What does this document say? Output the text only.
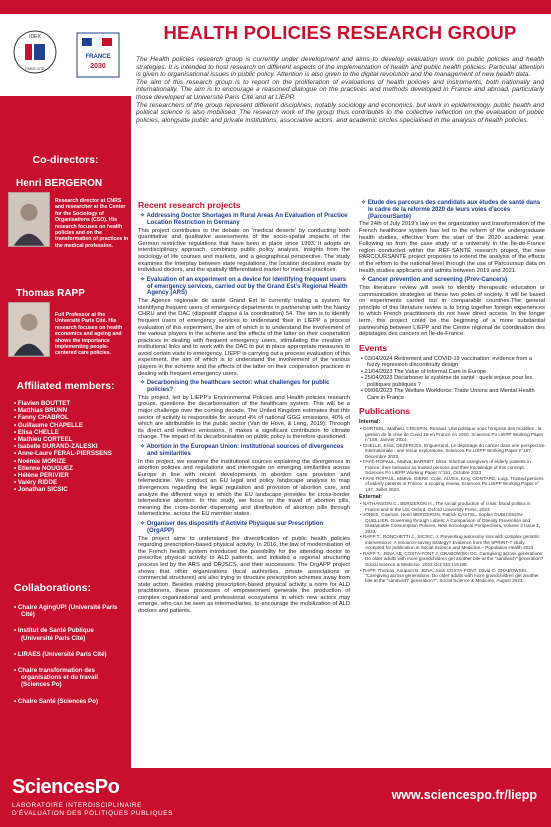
IDEX
PARIS CITÉ
FRANCE
2030
HEALTH POLICIES RESEARCH GROUP

The Health policies research group is currently under development and aims to develop evaluation work on public policies and health strategies. It is intended to host research on different aspects of the implementation of health and public health policies. Particular attention is given to organisational issues in public policy. Attention is also given to the digital revolution and the management of new health data.

The aim of this research group is to report on the proliferation of evaluations of health policies and instruments, both nationally and internationally. The aim is to encourage a reasoned dialogue on the practices and methods developed in France and abroad, particularly those developed at Université Paris Cité and at LIEPP.

The researchers of the group represent different disciplines, notably sociology and economics, but work in epidemiology, public health and political science is also mobilised. The research work of the group thus contributes to the collective reflection on the evaluation of public policies, alongside public and private institutions, associative actors, and academic circles specialised in the analysis of health policies.

Co-directors:
Henri BERGERON
Research director at CNRS and researcher at the Center for the Sociology of Organisations (CSO). His research focuses on health policies and on the transformation of practices in the medical profession.
Thomas RAPP
Full Professor at the Université Paris Cité. His research focuses on health economics and ageing and shows the importance implementing people-centered care policies.
Affiliated members:
• Flavien BOUTTET
• Matthias BRUNN
• Fanny CHABROL
• Guillaume CHAPELLE
• Elisa CHELLE
• Mathieu CORTEEL
• Isabelle DURAND-ZALESKI
• Anne-Laure FERAL-PIERSSENS
• Noémie MORIZE
• Etienne NOUGUEZ
• Hélène PERIVIER
• Valéry RIDDE
• Jonathan SICSIC
Collaborations:
• Chaire AgingUP! (Université Paris Cité)
• Institut de Santé Publique (Université Paris Cité)
• LIRAES (Université Paris Cité)
• Chaire transformation des organisations et du travail (Sciences Po)
• Chaire Santé (Sciences Po)
Recent research projects
✧ Addressing Doctor Shortages in Rural Areas An Evaluation of Practice Location Restriction in Germany

This project contributes to the debate on 'medical deserts' by conducting both quantitative and qualitative assessments of the socio-spatial impacts of the German restrictive regulations that have been in place since 1993. It adopts an interdisciplinary approach, combining public policy analysis, insights from the sociology of life courses and markets, and a geographical perspective. The study examines the interplay between state regulations, the location decisions made by individual doctors, and the spatially differentiated market for medical practices.

✧ Evaluation of an experiment on a device for identifying frequent users of emergency services, carried out by the Grand Est's Regional Health Agency (ARS)

The Agence régionale de santé Grand Est is currently trialing a system for identifying frequent users of emergency departments in partnership with the Nancy CHRU and the DAC (dispositif d'appui à la coordination) 54. The aim is to identify frequent users of emergency services to understand their in LIEPP a process evaluation of this experiment, the aim of which is to understand the involvement of the various players in the scheme and the effects of the latter on their cooperation practices in dealing with frequent emergency users, stimulating the creation of institutional links and to work with the DAC to put in place appropriate measures to avoid certain visits to emergency. LIEPP is carrying out a process evaluation of this experiment, the aim of which is to understand the involvement of the various players in the scheme and the effects of the latter on their cooperation practices in dealing with frequent emergency users.

✧ Decarbonising the healthcare sector: what challenges for public policies?

This project, led by LIEPP's Environmental Policies and Health policies research groups, questions the decarbonisation of the healthcare system. This will be a major challenge over the coming decade. The United Kingdom estimates that this sector of activity is responsible for around 4% of national GGG emissions, 40% of which are attributable to the public sector (Van de Hove, & Leng, 2019). Through its direct and indirect emissions, it makes a significant contribution to climate change. The impact of its decarbonisation on public policy is therefore questioned.

✧ Abortion in the European Union: institutional sources of divergences and similarities

In this project, we examine the institutional sources explaining the divergences in abortion policies and regulations and interrogate on emerging similarities across Europe in line with recent developments in abortion care provision and telemedicine. We conduct an EU legal and policy landscape analysis to map divergences regarding the legal regulation and provision of abortion care, and analyze the different ways in which the EU landscape provides for cross-border telemedicine abortion. In this study, we focus on the travel of abortion pills, meaning the cross-border dispensing and distribution of abortion pills through telemedicine, across the EU member states.

✧ Organiser des dispositifs d'Activité Physique sur Prescription (OrgAPP)

The project aims to understand the diversification of public health policies regarding prescription-based physical activity. In 2016, the law of modernisation of the French health system introduced the possibility for the attending doctor to prescribe physical activity to ALD patients, and initiated a regional structuring process led by the ARS and DRJSCS, and their successors. The OrgAPP project shows that other organizations (local authorities, private associations or commercial structures) are also trying to structure prescription schemes away from state action. Besides making prescription-based physical activity a norm for ALD practitioners, these processes of empowerment generate the production of complex organizational and professional ecosystems in which new actors may emerge, who can be seen as intermediaries, to encourage the mobilization of ALD doctors and patients.

✧ Etude des parcours des candidats aux études de santé dans le cadre de la réforme 2020 de leurs voies d'accès (ParcourSanté)

The 24th of July 2019's law on the organization and transformation of the French healthcare system has led to the reform of the undergraduate health studies, effective from the start of the 2020 academic year. Following on from the case study of a university in the Île-de-France region conducted within the REF-SANTÉ research project, the new PARCOURSANTÉ project proposes to extend the analysis of the effects of the reform to the national level through the use of Parcoursup data on health studies applicants and admits between 2019 and 2021.

✧ Cancer prevention and screening (Prev-Cancers)

This literature review will seek to identify therapeutic education or communication strategies at these two poles of society. It will be based on experiments carried out in comparable countries.The general principle of this literature review is to bring together foreign experiences to which French practitioners do not have direct access. In the longer term, this project could be the beginning of a more substantial partnership between LIEPP and the Centre régional de coordination des dépistages des cancers en Île-de-France.

Events
• 03/04/2024 Retirement and COVID-19 vaccination: evidence from a fuzzy regression discontinuity design
• 21/04/2023 The Value of Informal Care in Europe
• 25/04/2023 Décarboner le système de santé : quels enjeux pour les politiques publiques ?
• 09/06/2023 The Welfare Workforce: Trade Unions and Mental Health Care in France
Publications
Internal:
• CORTEEL, Mathieu, CRESPIN, Renaud. Une politique sous l'emprise des modèles : la gestion de la crise de Covid 19 en France en 2020. Sciences Po LIEPP Working Paper n°159, Janvier 2024.
• CHELLE, Elisa; DEZERCES, Enguerrand. Le dépistage du cancer dans une perspective internationale : une revue exploratoire. Sciences Po LIEPP Working Paper n°157, Décembre 2023.
• FAYE-ROPAUL, Maëva, BARRIET, Elisa. Informal caregivers of elderly patients in France: their behavior as trusted persons and their knowledge of this concept. Sciences Po LIEPP Working Paper n°151, Octobre 2023.
• FAYE-ROPAUL, Maëva, GIERE, Colin, ALVES, Emy, GONTARD, Luigi. Trusted persons of elderly patients in France: a scoping review, Sciences Po LIEPP Working Paper n° 147, Juillet 2023.
External:
• NATHANSON C., BERGERON H., The social production of crisis: blood politics in France and in the US, Oxford, Oxford University Press, 2023.
• JONES, Gwenan, Henri BERGERON, Patrick CASTEL, Sophie DUBUISSON-QUELLIER. Governing through Labels: A Comparison of Obesity Prevention and Sustainable Consumption Policies, New Sociological Perspectives, Volume 3 Issue 1, 2023.
• RAPP T., RONCHETTI J., SICSIC, J. Preventing autonomy loss with complex geriatric interventions: A resource-saving strategy? Evidence from the SPRINT-T study. Accepted for publication in Social Science and Medicine – Population Health 2023.
• RAPP T., JENA AB, COSTA-FONT J, GRABOWSKI DC. Caregiving across generations: Do older adults with more grandchildren get another bite at the "sandwich" generation? Social Science & Medicine. 2023 Oct;334:116198.
• RAPP, Thomas, Anupam B. JENA, Joan COSTA-FONT, David C. GRABOWSKI, "Caregiving across generations: Do older adults with more grandchildren get another bite at the "sandwich" generation?", Social Science & Medicine, August 2023.
SciencesPo
LABORATOIRE INTERDISCIPLINAIRE
D'ÉVALUATION DES POLITIQUES PUBLIQUES
www.sciencespo.fr/liepp
